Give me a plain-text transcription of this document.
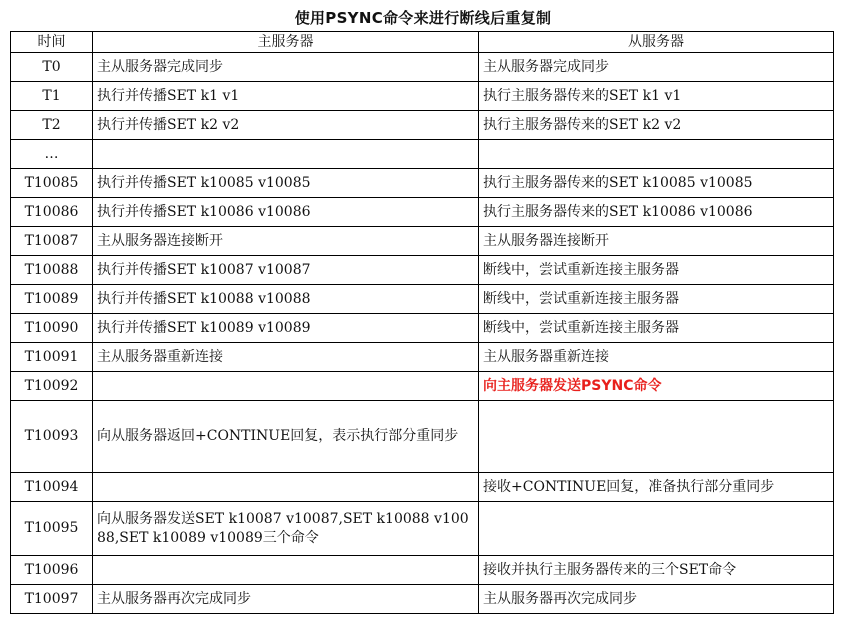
使用PSYNC命令来进行断线后重复制
时间	主服务器	从服务器
T0	主从服务器完成同步	主从服务器完成同步
T1	执行并传播SET k1 v1	执行主服务器传来的SET k1 v1
T2	执行并传播SET k2 v2	执行主服务器传来的SET k2 v2
…		
T10085	执行并传播SET k10085 v10085	执行主服务器传来的SET k10085 v10085
T10086	执行并传播SET k10086 v10086	执行主服务器传来的SET k10086 v10086
T10087	主从服务器连接断开	主从服务器连接断开
T10088	执行并传播SET k10087 v10087	断线中，尝试重新连接主服务器
T10089	执行并传播SET k10088 v10088	断线中，尝试重新连接主服务器
T10090	执行并传播SET k10089 v10089	断线中，尝试重新连接主服务器
T10091	主从服务器重新连接	主从服务器重新连接
T10092		向主服务器发送PSYNC命令
T10093	向从服务器返回+CONTINUE回复，表示执行部分重同步	
T10094		接收+CONTINUE回复，准备执行部分重同步
T10095	向从服务器发送SET k10087 v10087,SET k10088 v10088,SET k10089 v10089三个命令	
T10096		接收并执行主服务器传来的三个SET命令
T10097	主从服务器再次完成同步	主从服务器再次完成同步
